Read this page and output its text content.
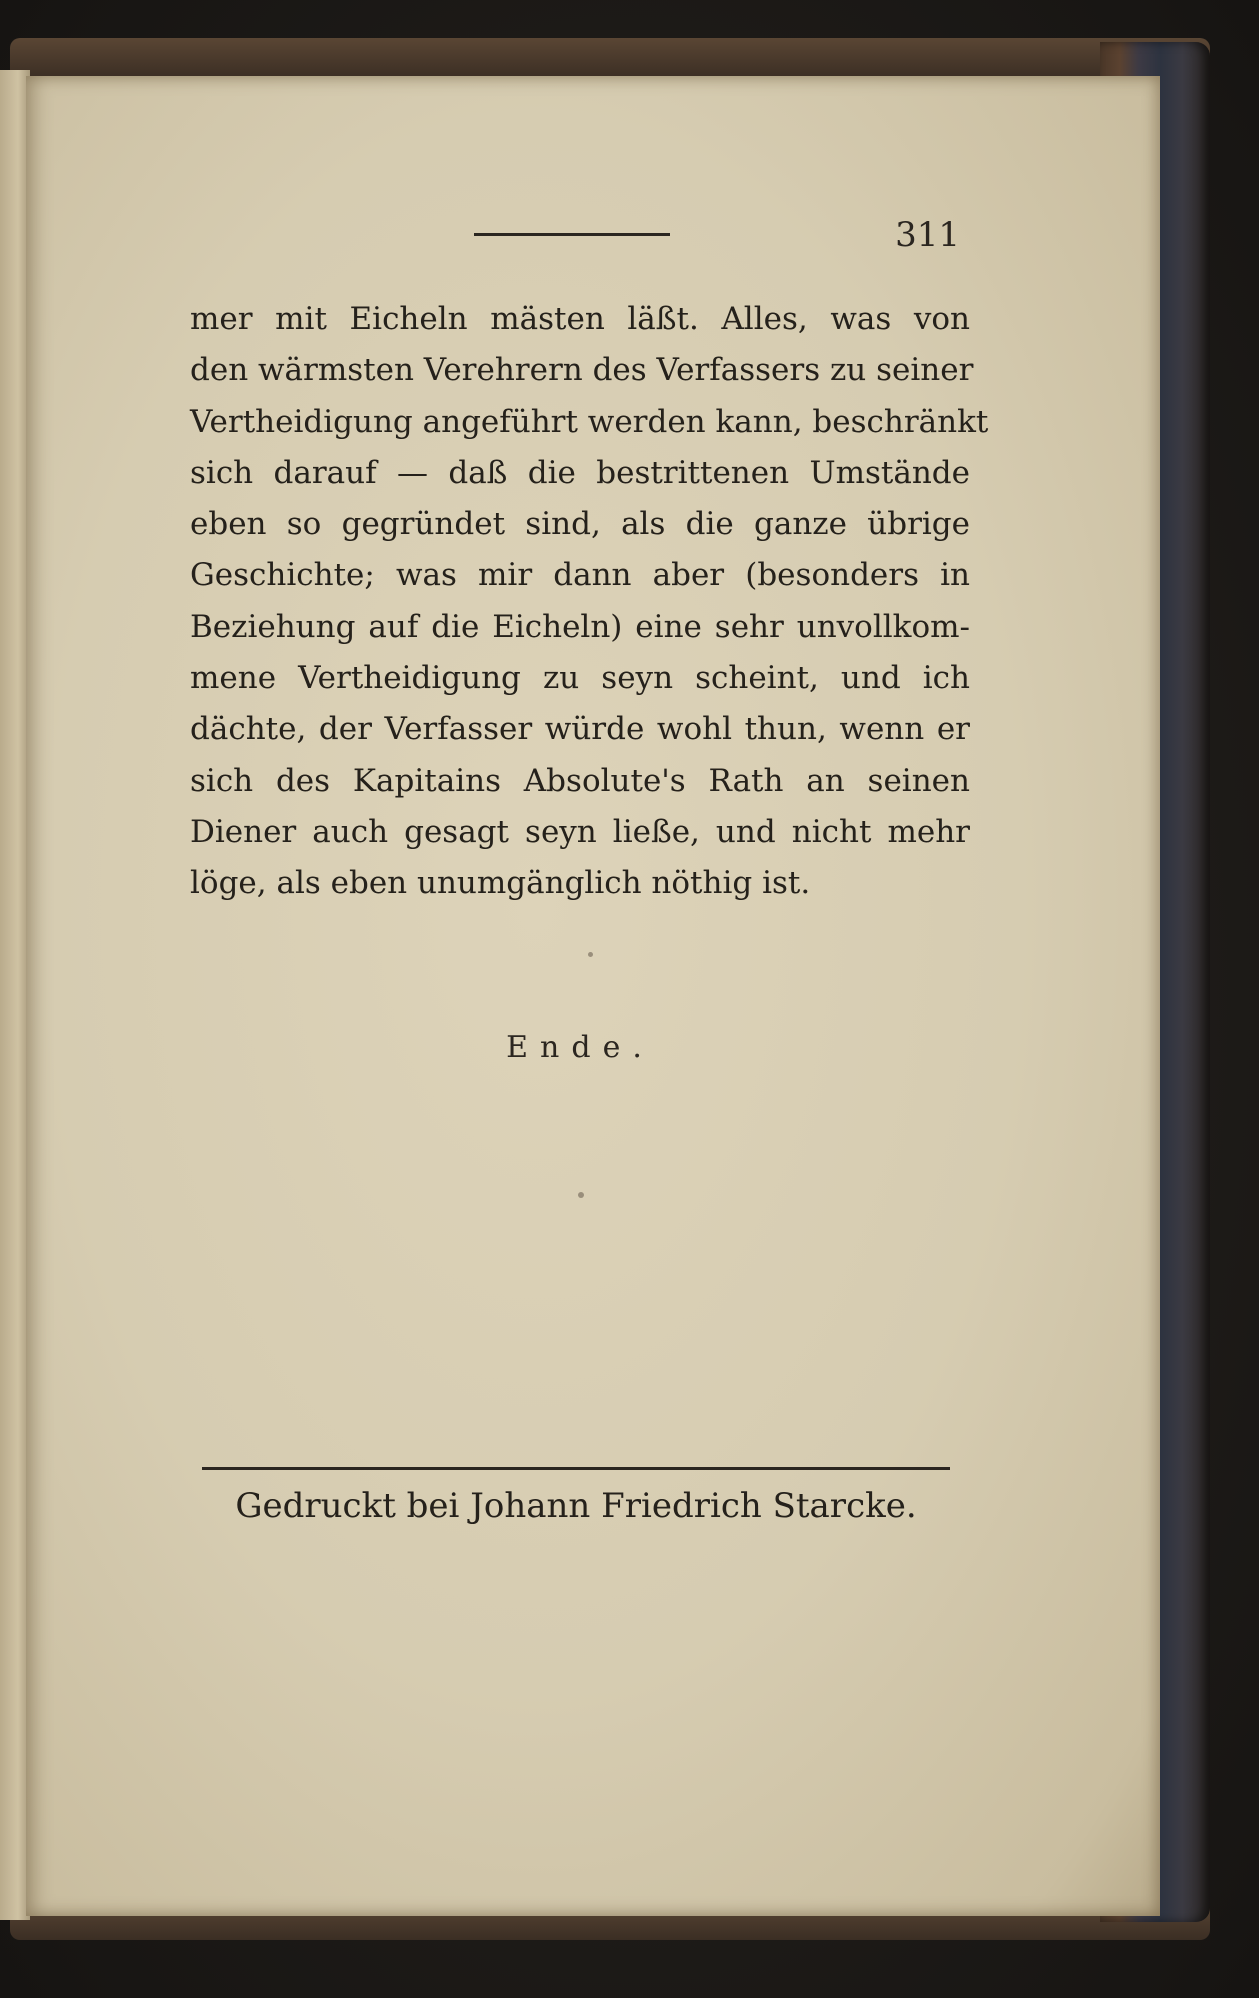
311
mer mit Eicheln mästen läßt. Alles, was von
den wärmsten Verehrern des Verfassers zu seiner
Vertheidigung angeführt werden kann, beschränkt
sich darauf — daß die bestrittenen Umstände
eben so gegründet sind, als die ganze übrige
Geschichte; was mir dann aber (besonders in
Beziehung auf die Eicheln) eine sehr unvollkom-
mene Vertheidigung zu seyn scheint, und ich
dächte, der Verfasser würde wohl thun, wenn er
sich des Kapitains Absolute's Rath an seinen
Diener auch gesagt seyn ließe, und nicht mehr
löge, als eben unumgänglich nöthig ist.
Ende.
Gedruckt bei Johann Friedrich Starcke.
